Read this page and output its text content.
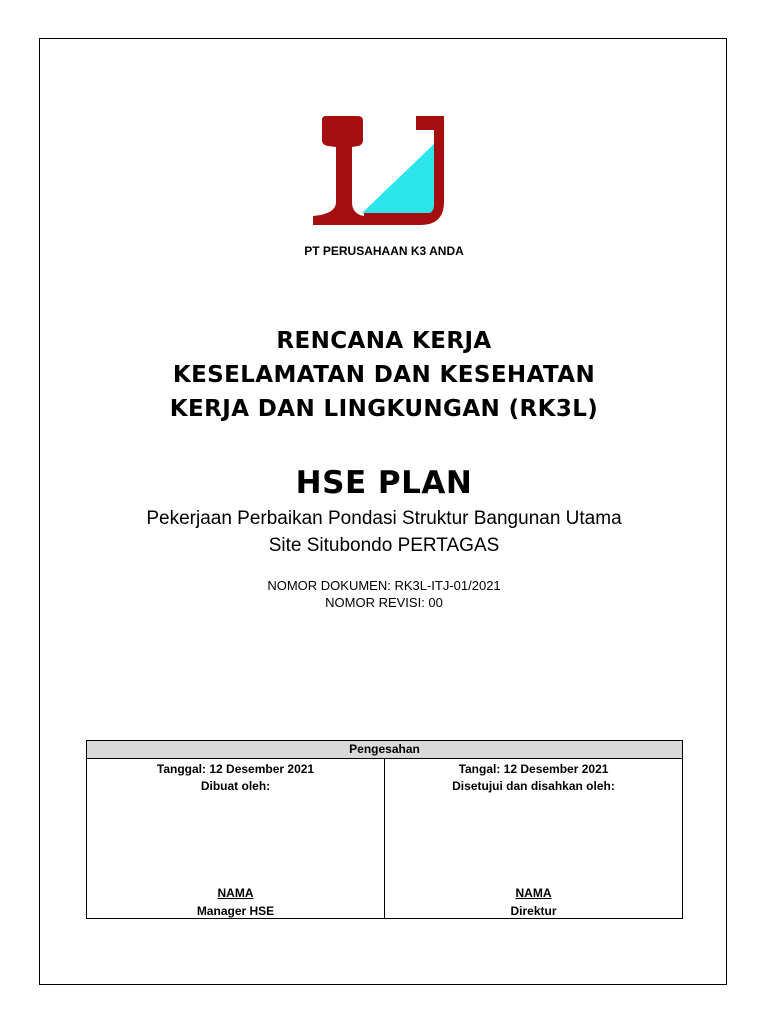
PT PERUSAHAAN K3 ANDA
RENCANA KERJA
KESELAMATAN DAN KESEHATAN
KERJA DAN LINGKUNGAN (RK3L)
HSE PLAN
Pekerjaan Perbaikan Pondasi Struktur Bangunan Utama
Site Situbondo PERTAGAS
NOMOR DOKUMEN: RK3L-ITJ-01/2021
NOMOR REVISI: 00
Pengesahan
Tanggal: 12 Desember 2021
Dibuat oleh:
NAMA
Manager HSE
Tangal: 12 Desember 2021
Disetujui dan disahkan oleh:
NAMA
Direktur
